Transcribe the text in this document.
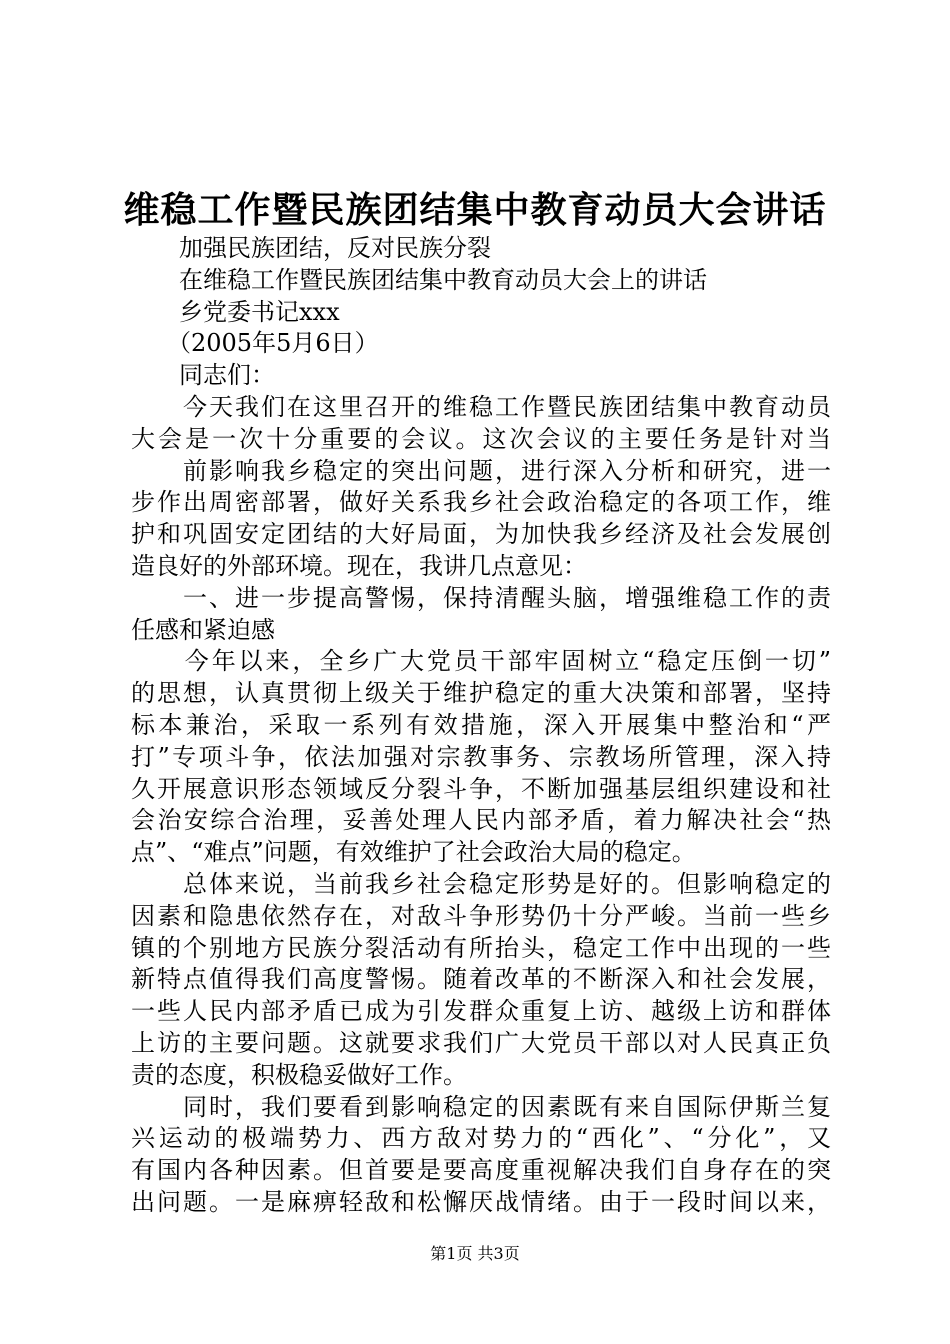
维稳工作暨民族团结集中教育动员大会讲话
　　加强民族团结，反对民族分裂
　　在维稳工作暨民族团结集中教育动员大会上的讲话
　　乡党委书记xxx
　　（2005年5月6日）
　　同志们：
　　今天我们在这里召开的维稳工作暨民族团结集中教育动员
大会是一次十分重要的会议。这次会议的主要任务是针对当
　　前影响我乡稳定的突出问题，进行深入分析和研究，进一
步作出周密部署，做好关系我乡社会政治稳定的各项工作，维
护和巩固安定团结的大好局面，为加快我乡经济及社会发展创
造良好的外部环境。现在，我讲几点意见：
　　一、进一步提高警惕，保持清醒头脑，增强维稳工作的责
任感和紧迫感
　　今年以来，全乡广大党员干部牢固树立“稳定压倒一切”
的思想，认真贯彻上级关于维护稳定的重大决策和部署，坚持
标本兼治，采取一系列有效措施，深入开展集中整治和“严
打”专项斗争，依法加强对宗教事务、宗教场所管理，深入持
久开展意识形态领域反分裂斗争，不断加强基层组织建设和社
会治安综合治理，妥善处理人民内部矛盾，着力解决社会“热
点”、“难点”问题，有效维护了社会政治大局的稳定。
　　总体来说，当前我乡社会稳定形势是好的。但影响稳定的
因素和隐患依然存在，对敌斗争形势仍十分严峻。当前一些乡
镇的个别地方民族分裂活动有所抬头，稳定工作中出现的一些
新特点值得我们高度警惕。随着改革的不断深入和社会发展，
一些人民内部矛盾已成为引发群众重复上访、越级上访和群体
上访的主要问题。这就要求我们广大党员干部以对人民真正负
责的态度，积极稳妥做好工作。
　　同时，我们要看到影响稳定的因素既有来自国际伊斯兰复
兴运动的极端势力、西方敌对势力的“西化”、“分化”，又
有国内各种因素。但首要是要高度重视解决我们自身存在的突
出问题。一是麻痹轻敌和松懈厌战情绪。由于一段时间以来，
第1页 共3页
